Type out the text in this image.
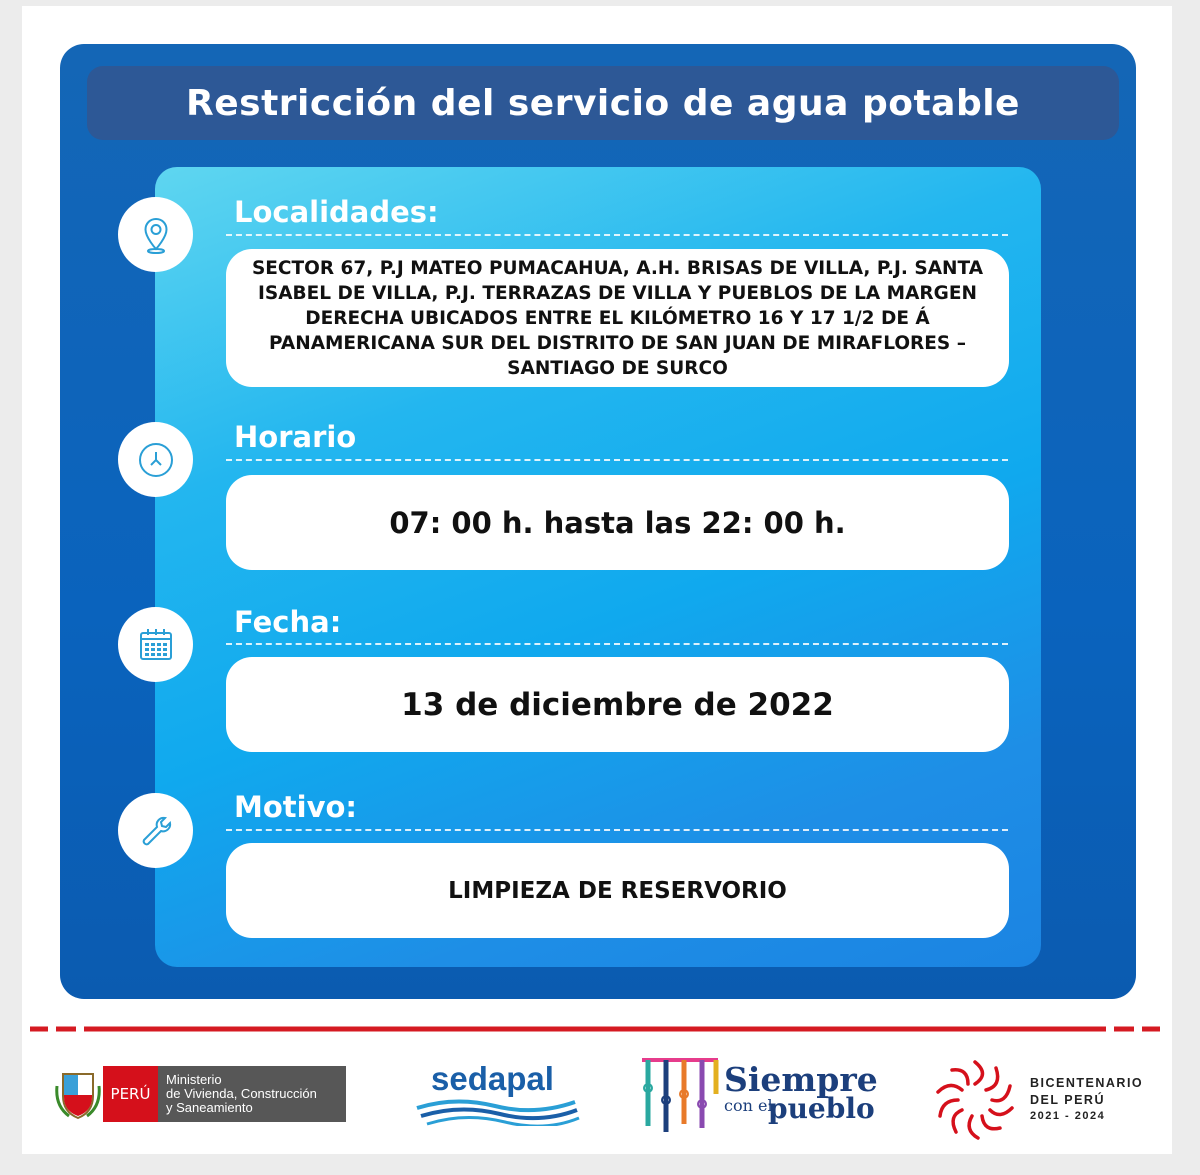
Restricción del servicio de agua potable
Localidades:
SECTOR 67, P.J MATEO PUMACAHUA, A.H. BRISAS DE VILLA, P.J. SANTA ISABEL DE VILLA, P.J. TERRAZAS DE VILLA Y PUEBLOS DE LA MARGEN DERECHA UBICADOS ENTRE EL KILÓMETRO 16 Y 17 1/2 DE Á PANAMERICANA SUR DEL DISTRITO DE SAN JUAN DE MIRAFLORES – SANTIAGO DE SURCO
Horario
07: 00 h. hasta las 22: 00 h.
Fecha:
13 de diciembre de 2022
Motivo:
LIMPIEZA DE RESERVORIO
PERÚ
Ministerio
de Vivienda, Construcción
y Saneamiento
sedapal	Siempre
con el
pueblo
BICENTENARIO
DEL PERÚ
2021 - 2024
